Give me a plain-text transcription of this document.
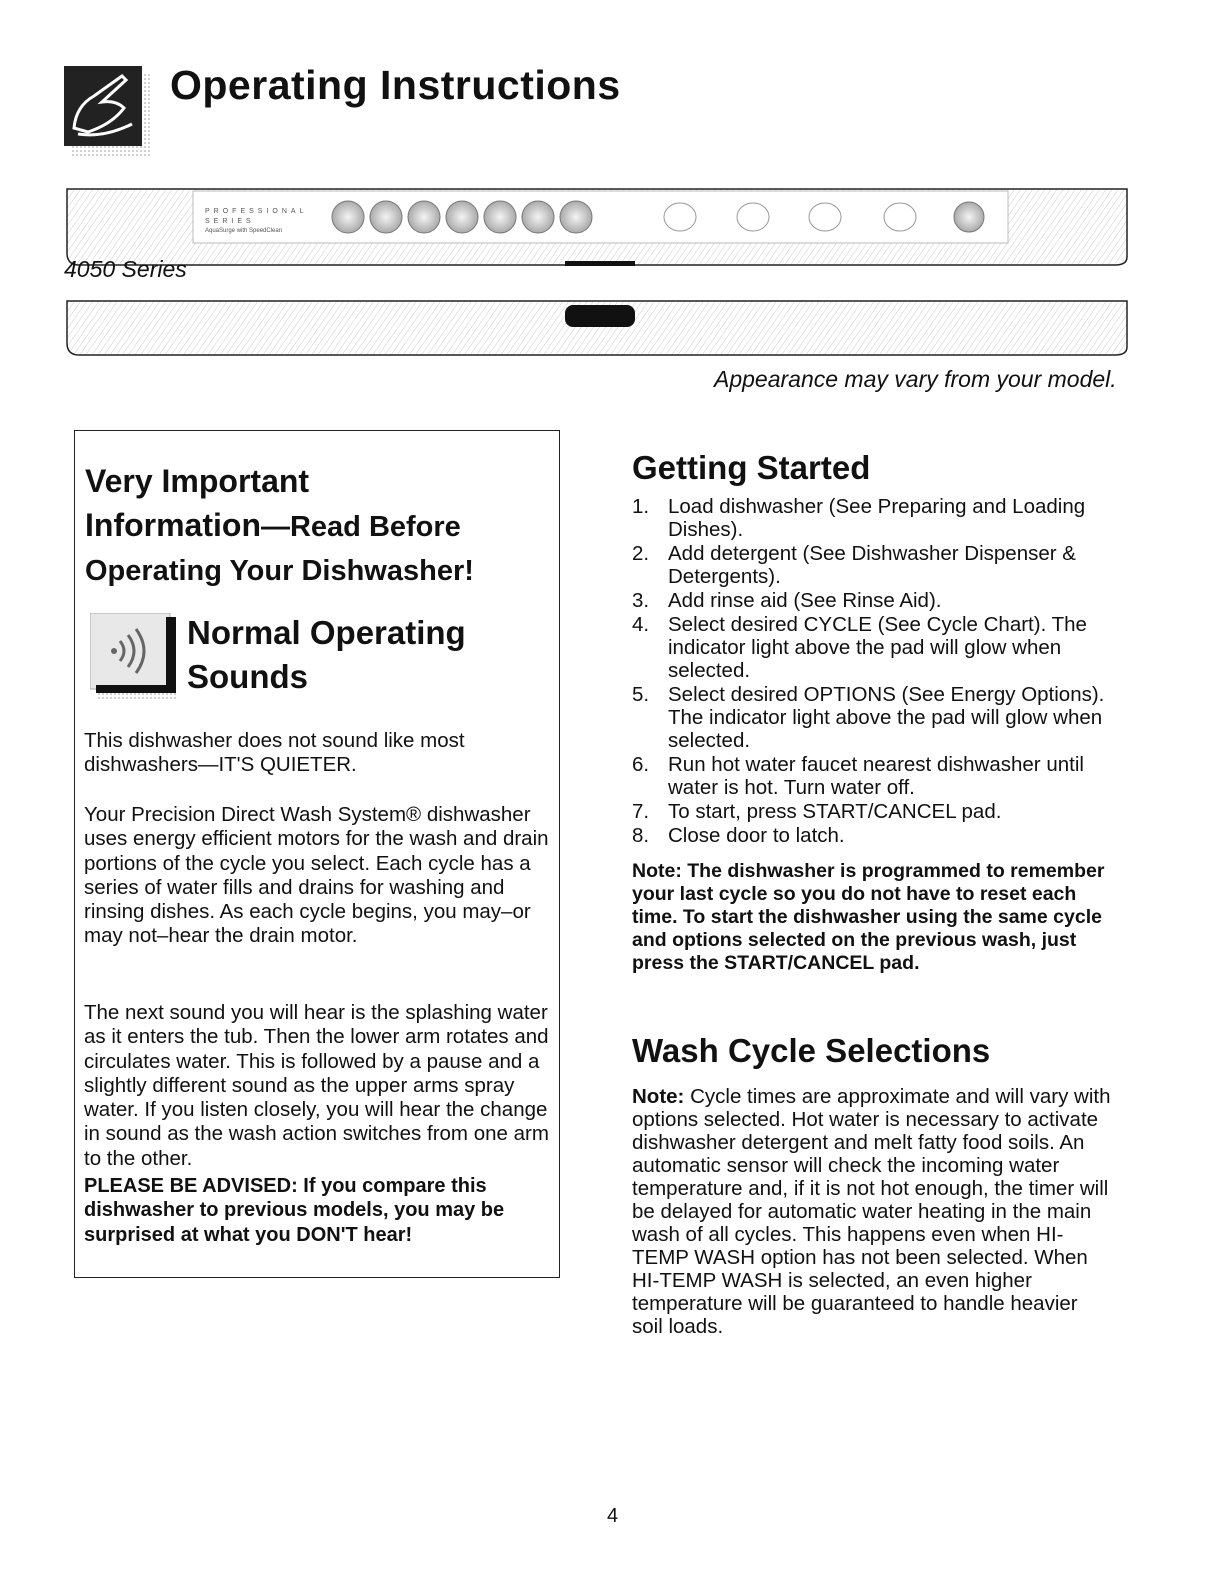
Operating Instructions
PROFESSIONAL
SERIES
AquaSurge with SpeedClean
4050 Series
Appearance may vary from your model.
Very Important
Information—Read Before
Operating Your Dishwasher!
Normal Operating
Sounds

This dishwasher does not sound like most dishwashers—IT'S QUIETER.

Your Precision Direct Wash System® dishwasher uses energy efficient motors for the wash and drain portions of the cycle you select. Each cycle has a series of water fills and drains for washing and rinsing dishes. As each cycle begins, you may–or may not–hear the drain motor.

The next sound you will hear is the splashing water as it enters the tub. Then the lower arm rotates and circulates water. This is followed by a pause and a slightly different sound as the upper arms spray water. If you listen closely, you will hear the change in sound as the wash action switches from one arm to the other.

PLEASE BE ADVISED: If you compare this dishwasher to previous models, you may be surprised at what you DON'T hear!

Getting Started
1. Load dishwasher (See Preparing and Loading Dishes).
2. Add detergent (See Dishwasher Dispenser & Detergents).
3. Add rinse aid (See Rinse Aid).
4. Select desired CYCLE (See Cycle Chart). The indicator light above the pad will glow when selected.
5. Select desired OPTIONS (See Energy Options). The indicator light above the pad will glow when selected.
6. Run hot water faucet nearest dishwasher until water is hot. Turn water off.
7. To start, press START/CANCEL pad.
8. Close door to latch.

Note: The dishwasher is programmed to remember your last cycle so you do not have to reset each time. To start the dishwasher using the same cycle and options selected on the previous wash, just press the START/CANCEL pad.

Wash Cycle Selections

Note: Cycle times are approximate and will vary with options selected. Hot water is necessary to activate dishwasher detergent and melt fatty food soils. An automatic sensor will check the incoming water temperature and, if it is not hot enough, the timer will be delayed for automatic water heating in the main wash of all cycles. This happens even when HI-TEMP WASH option has not been selected. When HI-TEMP WASH is selected, an even higher temperature will be guaranteed to handle heavier soil loads.

4
